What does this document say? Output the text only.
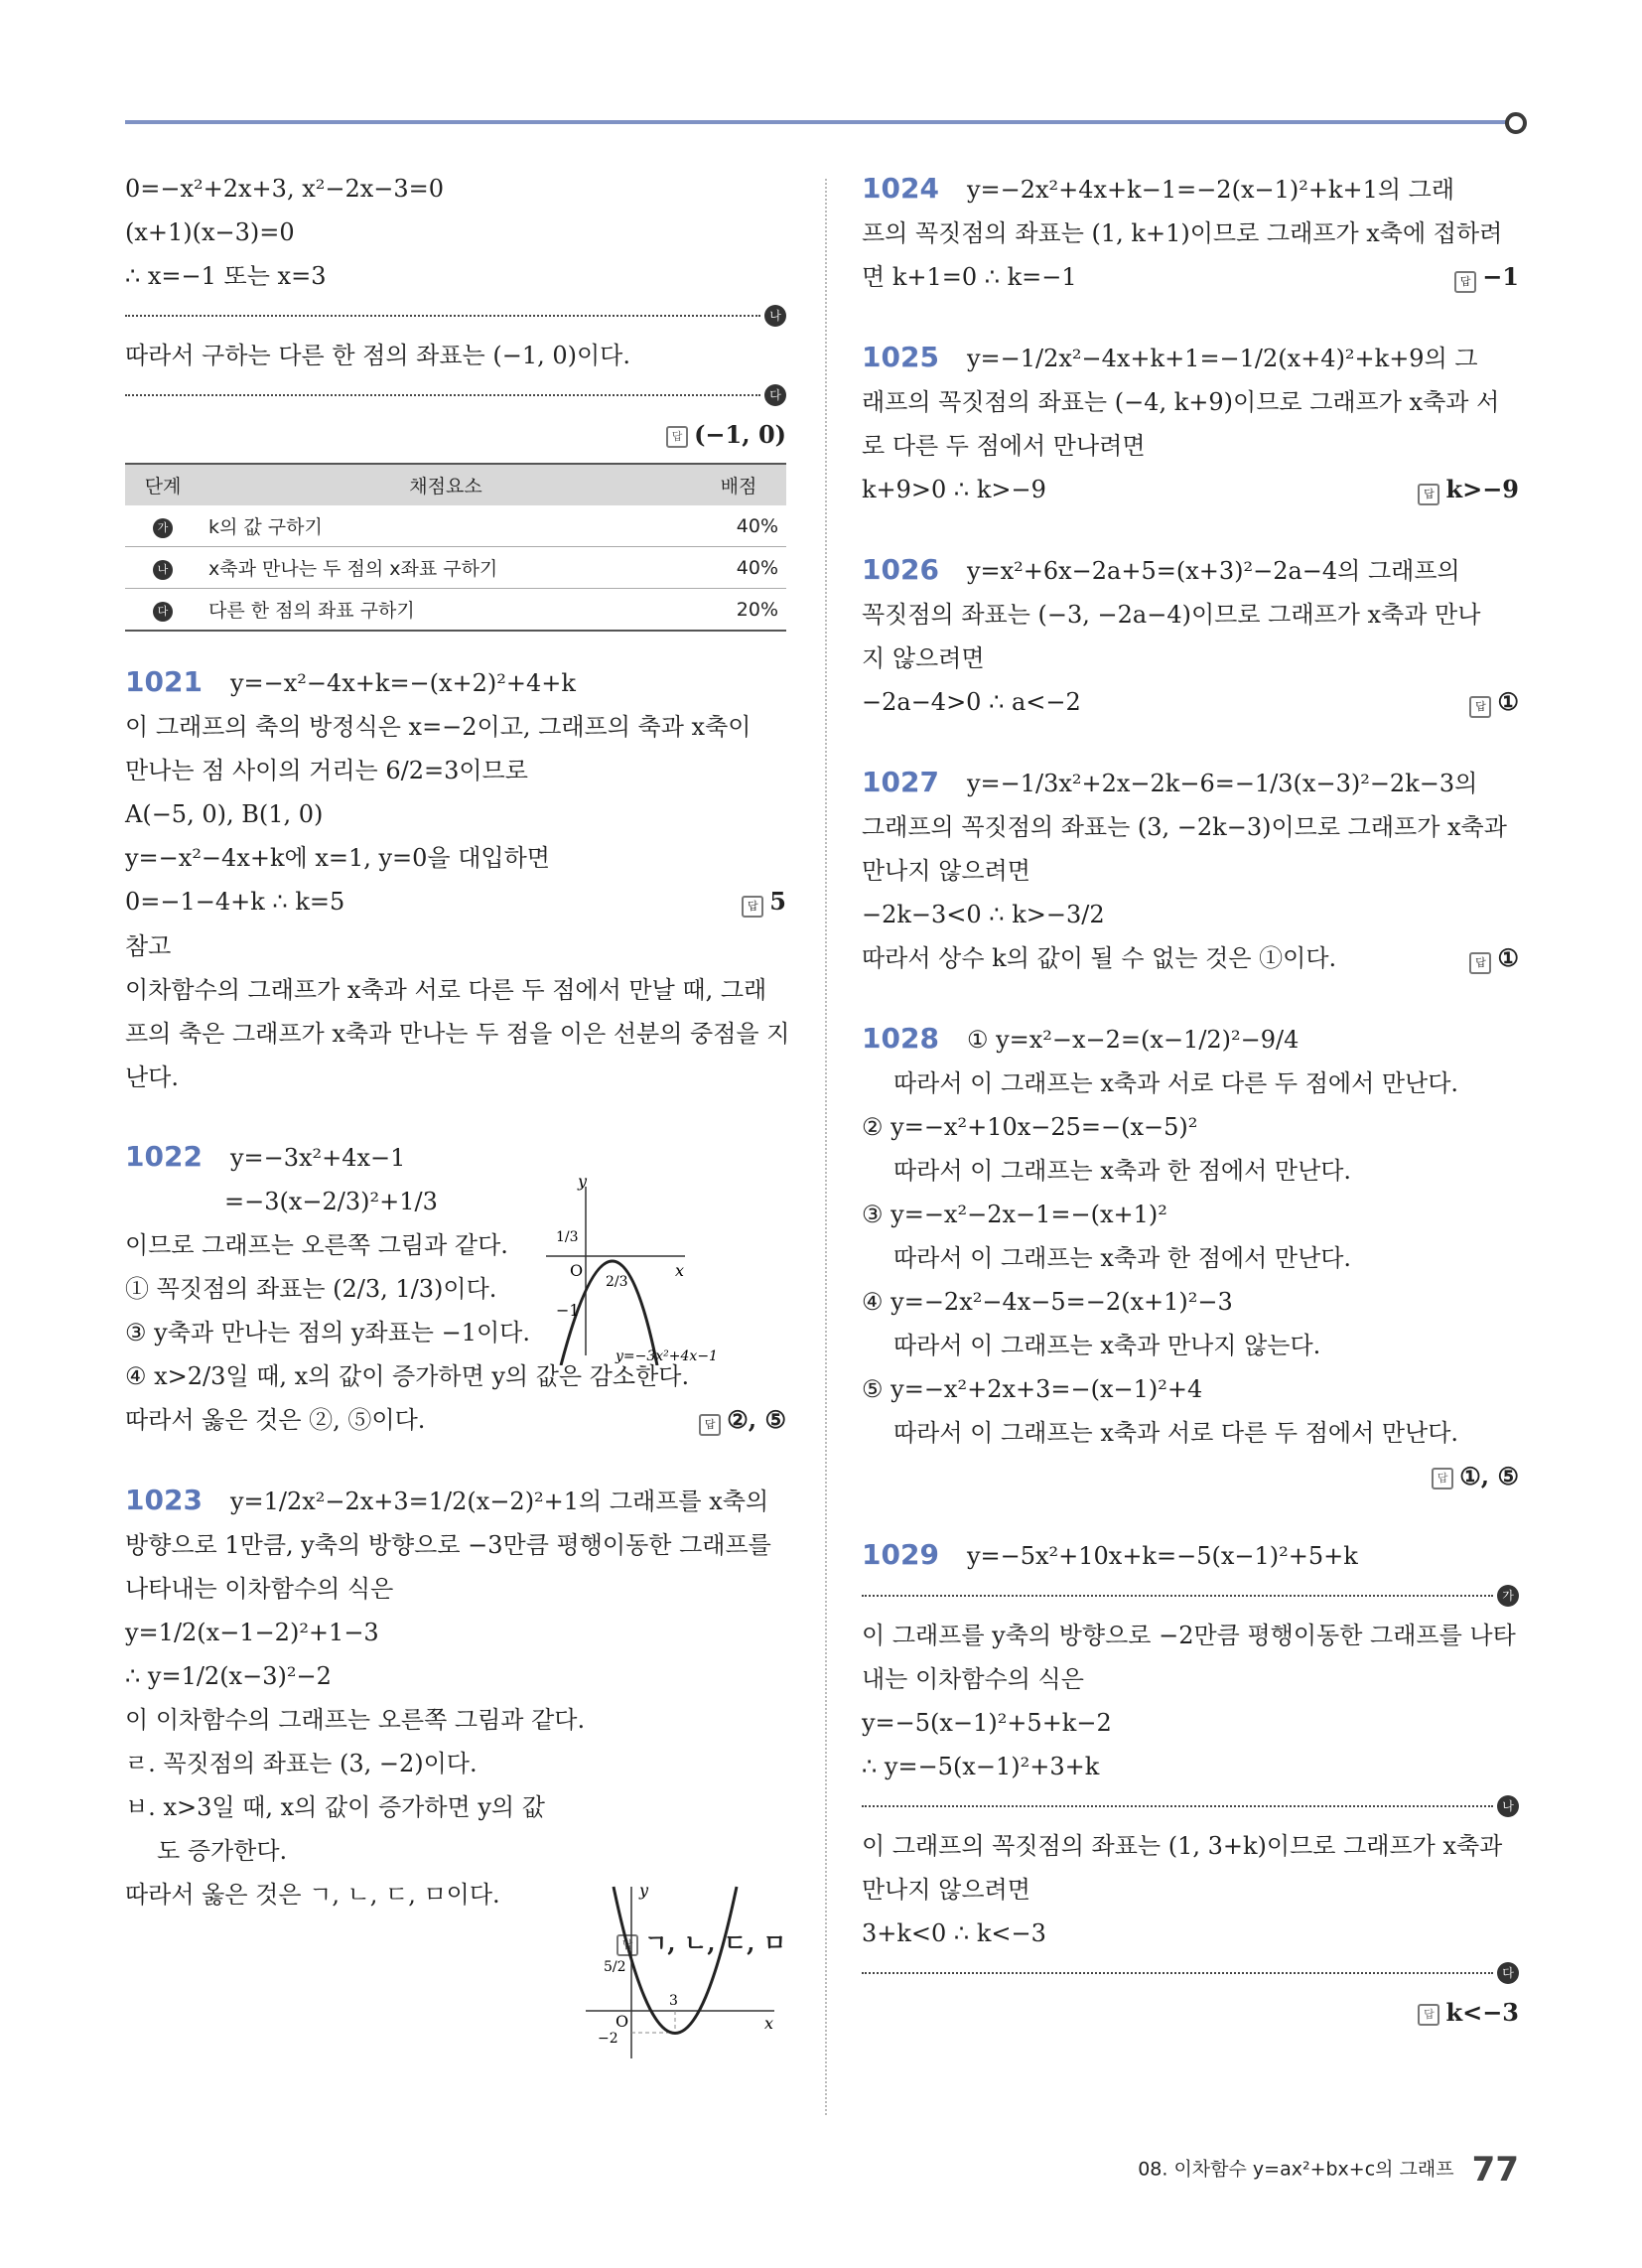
0=−x²+2x+3, x²−2x−3=0

(x+1)(x−3)=0

∴ x=−1 또는 x=3

나

따라서 구하는 다른 한 점의 좌표는 (−1, 0)이다.

다

답 (−1, 0)

단계	채점요소	배점
가	k의 값 구하기	40%
나	x축과 만나는 두 점의 x좌표 구하기	40%
다	다른 한 점의 좌표 구하기	20%

1021 y=−x²−4x+k=−(x+2)²+4+k

이 그래프의 축의 방정식은 x=−2이고, 그래프의 축과 x축이

만나는 점 사이의 거리는 6/2=3이므로

A(−5, 0), B(1, 0)

y=−x²−4x+k에 x=1, y=0을 대입하면

0=−1−4+k ∴ k=5	답 5

참고

이차함수의 그래프가 x축과 서로 다른 두 점에서 만날 때, 그래

프의 축은 그래프가 x축과 만나는 두 점을 이은 선분의 중점을 지

난다.

1022 y=−3x²+4x−1

=−3(x−2/3)²+1/3

이므로 그래프는 오른쪽 그림과 같다.

① 꼭짓점의 좌표는 (2/3, 1/3)이다.

③ y축과 만나는 점의 y좌표는 −1이다.

④ x>2/3일 때, x의 값이 증가하면 y의 값은 감소한다.

따라서 옳은 것은 ②, ⑤이다.	답 ②, ⑤

1023 y=1/2x²−2x+3=1/2(x−2)²+1의 그래프를 x축의

방향으로 1만큼, y축의 방향으로 −3만큼 평행이동한 그래프를

나타내는 이차함수의 식은

y=1/2(x−1−2)²+1−3

∴ y=1/2(x−3)²−2

이 이차함수의 그래프는 오른쪽 그림과 같다.

ㄹ. 꼭짓점의 좌표는 (3, −2)이다.

ㅂ. x>3일 때, x의 값이 증가하면 y의 값

도 증가한다.

따라서 옳은 것은 ㄱ, ㄴ, ㄷ, ㅁ이다.

답 ㄱ, ㄴ, ㄷ, ㅁ

y
x
O
1/3
−1
2/3
y=−3x²+4x−1
y
x
O
5/2
−2
3

1024 y=−2x²+4x+k−1=−2(x−1)²+k+1의 그래

프의 꼭짓점의 좌표는 (1, k+1)이므로 그래프가 x축에 접하려

면 k+1=0 ∴ k=−1	답 −1

1025 y=−1/2x²−4x+k+1=−1/2(x+4)²+k+9의 그

래프의 꼭짓점의 좌표는 (−4, k+9)이므로 그래프가 x축과 서

로 다른 두 점에서 만나려면

k+9>0 ∴ k>−9	답 k>−9

1026 y=x²+6x−2a+5=(x+3)²−2a−4의 그래프의

꼭짓점의 좌표는 (−3, −2a−4)이므로 그래프가 x축과 만나

지 않으려면

−2a−4>0 ∴ a<−2	답 ①

1027 y=−1/3x²+2x−2k−6=−1/3(x−3)²−2k−3의

그래프의 꼭짓점의 좌표는 (3, −2k−3)이므로 그래프가 x축과

만나지 않으려면

−2k−3<0 ∴ k>−3/2

따라서 상수 k의 값이 될 수 없는 것은 ①이다.	답 ①

1028 ① y=x²−x−2=(x−1/2)²−9/4

따라서 이 그래프는 x축과 서로 다른 두 점에서 만난다.

② y=−x²+10x−25=−(x−5)²

따라서 이 그래프는 x축과 한 점에서 만난다.

③ y=−x²−2x−1=−(x+1)²

따라서 이 그래프는 x축과 한 점에서 만난다.

④ y=−2x²−4x−5=−2(x+1)²−3

따라서 이 그래프는 x축과 만나지 않는다.

⑤ y=−x²+2x+3=−(x−1)²+4

따라서 이 그래프는 x축과 서로 다른 두 점에서 만난다.

답 ①, ⑤

1029 y=−5x²+10x+k=−5(x−1)²+5+k

가

이 그래프를 y축의 방향으로 −2만큼 평행이동한 그래프를 나타

내는 이차함수의 식은

y=−5(x−1)²+5+k−2

∴ y=−5(x−1)²+3+k

나

이 그래프의 꼭짓점의 좌표는 (1, 3+k)이므로 그래프가 x축과

만나지 않으려면

3+k<0 ∴ k<−3

다

답 k<−3

08. 이차함수 y=ax²+bx+c의 그래프 77
